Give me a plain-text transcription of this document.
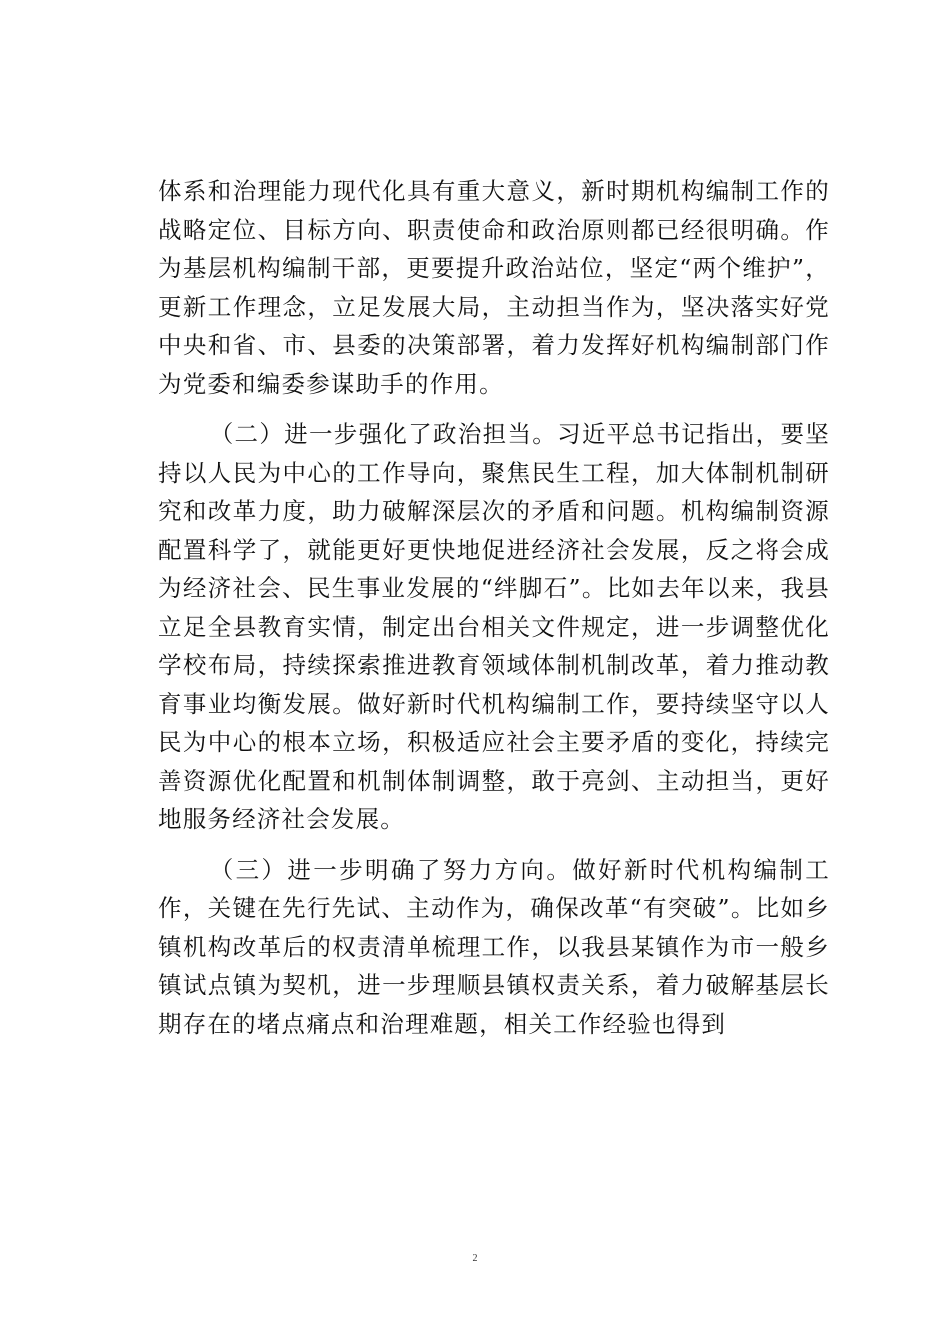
体系和治理能力现代化具有重大意义，新时期机构编制工作的战略定位、目标方向、职责使命和政治原则都已经很明确。作为基层机构编制干部，更要提升政治站位，坚定“两个维护”，更新工作理念，立足发展大局，主动担当作为，坚决落实好党中央和省、市、县委的决策部署，着力发挥好机构编制部门作为党委和编委参谋助手的作用。

（二）进一步强化了政治担当。习近平总书记指出，要坚持以人民为中心的工作导向，聚焦民生工程，加大体制机制研究和改革力度，助力破解深层次的矛盾和问题。机构编制资源配置科学了，就能更好更快地促进经济社会发展，反之将会成为经济社会、民生事业发展的“绊脚石”。比如去年以来，我县立足全县教育实情，制定出台相关文件规定，进一步调整优化学校布局，持续探索推进教育领域体制机制改革，着力推动教育事业均衡发展。做好新时代机构编制工作，要持续坚守以人民为中心的根本立场，积极适应社会主要矛盾的变化，持续完善资源优化配置和机制体制调整，敢于亮剑、主动担当，更好地服务经济社会发展。

（三）进一步明确了努力方向。做好新时代机构编制工作，关键在先行先试、主动作为，确保改革“有突破”。比如乡镇机构改革后的权责清单梳理工作，以我县某镇作为市一般乡镇试点镇为契机，进一步理顺县镇权责关系，着力破解基层长期存在的堵点痛点和治理难题，相关工作经验也得到

2
